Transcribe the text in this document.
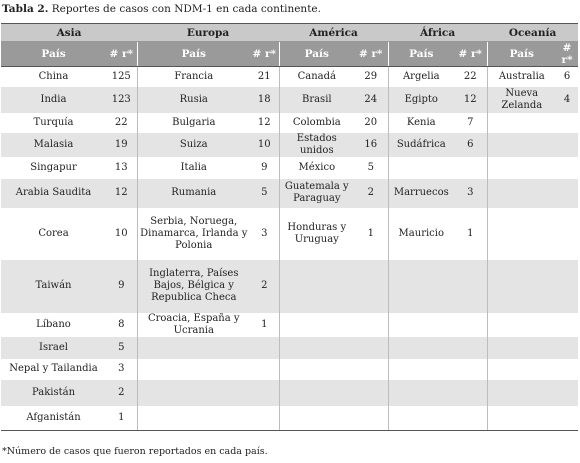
Tabla 2. Reportes de casos con NDM-1 en cada continente.
Asia		Europa		América		África		Oceanía	
País	# r*	País	# r*	País	# r*	País	# r*	País	# r*
China	125	Francia	21	Canadá	29	Argelia	22	Australia	6
India	123	Rusia	18	Brasil	24	Egipto	12	Nueva Zelanda	4
Turquía	22	Bulgaria	12	Colombia	20	Kenia	7		
Malasia	19	Suiza	10	Estados unidos	16	Sudáfrica	6		
Singapur	13	Italia	9	México	5				
Arabia Saudita	12	Rumania	5	Guatemala y Paraguay	2	Marruecos	3		
Corea	10	Serbia, Noruega, Dinamarca, Irlanda y Polonia	3	Honduras y Uruguay	1	Mauricio	1		
Taiwán	9	Inglaterra, Países Bajos, Bélgica y Republica Checa	2						
Líbano	8	Croacia, España y Ucrania	1						
Israel	5								
Nepal y Tailandia	3								
Pakistán	2								
Afganistán	1								
*Número de casos que fueron reportados en cada país.
